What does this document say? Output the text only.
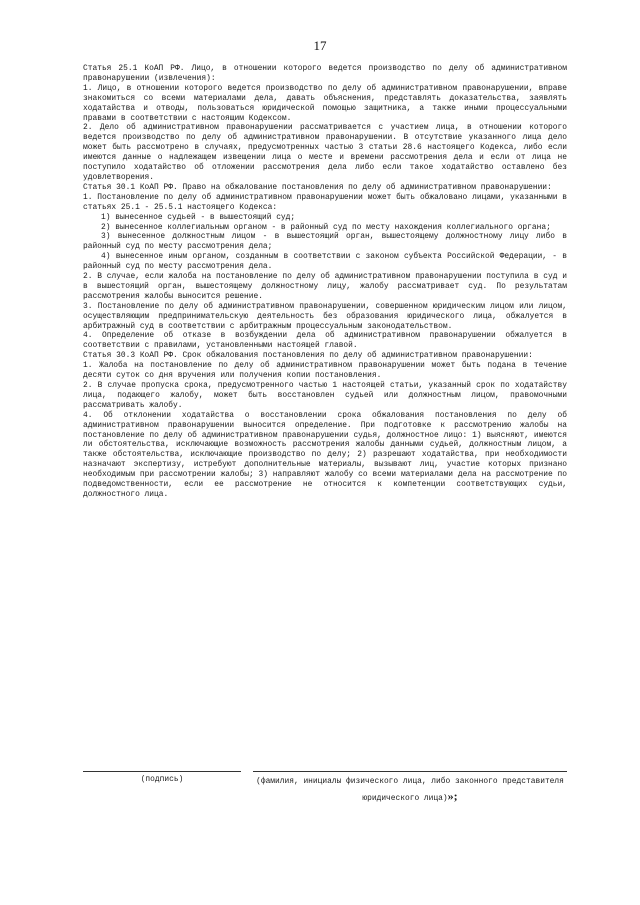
17

Статья 25.1 КоАП РФ. Лицо, в отношении которого ведется производство по делу об административном правонарушении (извлечения):

1. Лицо, в отношении которого ведется производство по делу об административном правонарушении, вправе знакомиться со всеми материалами дела, давать объяснения, представлять доказательства, заявлять ходатайства и отводы, пользоваться юридической помощью защитника, а также иными процессуальными правами в соответствии с настоящим Кодексом.

2. Дело об административном правонарушении рассматривается с участием лица, в отношении которого ведется производство по делу об административном правонарушении. В отсутствие указанного лица дело может быть рассмотрено в случаях, предусмотренных частью 3 статьи 28.6 настоящего Кодекса, либо если имеются данные о надлежащем извещении лица о месте и времени рассмотрения дела и если от лица не поступило ходатайство об отложении рассмотрения дела либо если такое ходатайство оставлено без удовлетворения.

Статья 30.1 КоАП РФ. Право на обжалование постановления по делу об административном правонарушении:

1. Постановление по делу об административном правонарушении может быть обжаловано лицами, указанными в статьях 25.1 - 25.5.1 настоящего Кодекса:

1) вынесенное судьей - в вышестоящий суд;

2) вынесенное коллегиальным органом - в районный суд по месту нахождения коллегиального органа;

3) вынесенное должностным лицом - в вышестоящий орган, вышестоящему должностному лицу либо в районный суд по месту рассмотрения дела;

4) вынесенное иным органом, созданным в соответствии с законом субъекта Российской Федерации, - в районный суд по месту рассмотрения дела.

2. В случае, если жалоба на постановление по делу об административном правонарушении поступила в суд и в вышестоящий орган, вышестоящему должностному лицу, жалобу рассматривает суд. По результатам рассмотрения жалобы выносится решение.

3. Постановление по делу об административном правонарушении, совершенном юридическим лицом или лицом, осуществляющим предпринимательскую деятельность без образования юридического лица, обжалуется в арбитражный суд в соответствии с арбитражным процессуальным законодательством.

4. Определение об отказе в возбуждении дела об административном правонарушении обжалуется в соответствии с правилами, установленными настоящей главой.

Статья 30.3 КоАП РФ. Срок обжалования постановления по делу об административном правонарушении:

1. Жалоба на постановление по делу об административном правонарушении может быть подана в течение десяти суток со дня вручения или получения копии постановления.

2. В случае пропуска срока, предусмотренного частью 1 настоящей статьи, указанный срок по ходатайству лица, подающего жалобу, может быть восстановлен судьей или должностным лицом, правомочными рассматривать жалобу.

4. Об отклонении ходатайства о восстановлении срока обжалования постановления по делу об административном правонарушении выносится определение. При подготовке к рассмотрению жалобы на постановление по делу об административном правонарушении судья, должностное лицо: 1) выясняют, имеются ли обстоятельства, исключающие возможность рассмотрения жалобы данными судьей, должностным лицом, а также обстоятельства, исключающие производство по делу; 2) разрешают ходатайства, при необходимости назначают экспертизу, истребуют дополнительные материалы, вызывают лиц, участие которых признано необходимым при рассмотрении жалобы; 3) направляют жалобу со всеми материалами дела на рассмотрение по подведомственности, если ее рассмотрение не относится к компетенции соответствующих судьи, должностного лица.

(подпись)	(фамилия, инициалы физического лица, либо законного представителя юридического лица)»;
